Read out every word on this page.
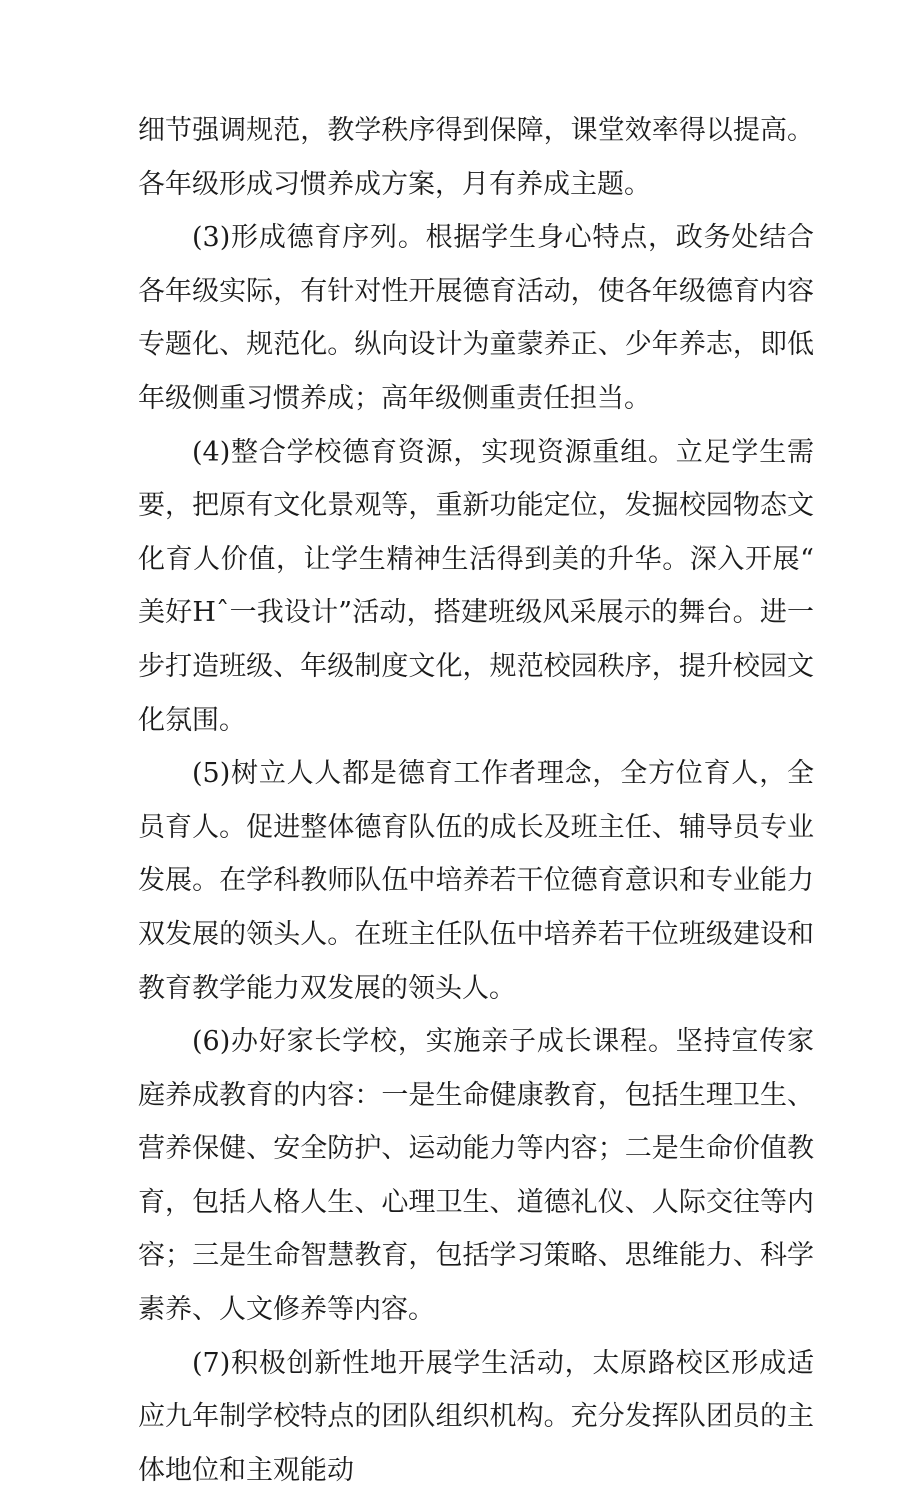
细节强调规范，教学秩序得到保障，课堂效率得以提高。各年级形成习惯养成方案，月有养成主题。

(3)形成德育序列。根据学生身心特点，政务处结合各年级实际，有针对性开展德育活动，使各年级德育内容专题化、规范化。纵向设计为童蒙养正、少年养志，即低年级侧重习惯养成；高年级侧重责任担当。

(4)整合学校德育资源，实现资源重组。立足学生需要，把原有文化景观等，重新功能定位，发掘校园物态文化育人价值，让学生精神生活得到美的升华。深入开展“美好Hˆ一我设计”活动，搭建班级风采展示的舞台。进一步打造班级、年级制度文化，规范校园秩序，提升校园文化氛围。

(5)树立人人都是德育工作者理念，全方位育人，全员育人。促进整体德育队伍的成长及班主任、辅导员专业发展。在学科教师队伍中培养若干位德育意识和专业能力双发展的领头人。在班主任队伍中培养若干位班级建设和教育教学能力双发展的领头人。

(6)办好家长学校，实施亲子成长课程。坚持宣传家庭养成教育的内容：一是生命健康教育，包括生理卫生、营养保健、安全防护、运动能力等内容；二是生命价值教育，包括人格人生、心理卫生、道德礼仪、人际交往等内容；三是生命智慧教育，包括学习策略、思维能力、科学素养、人文修养等内容。

(7)积极创新性地开展学生活动，太原路校区形成适应九年制学校特点的团队组织机构。充分发挥队团员的主体地位和主观能动
